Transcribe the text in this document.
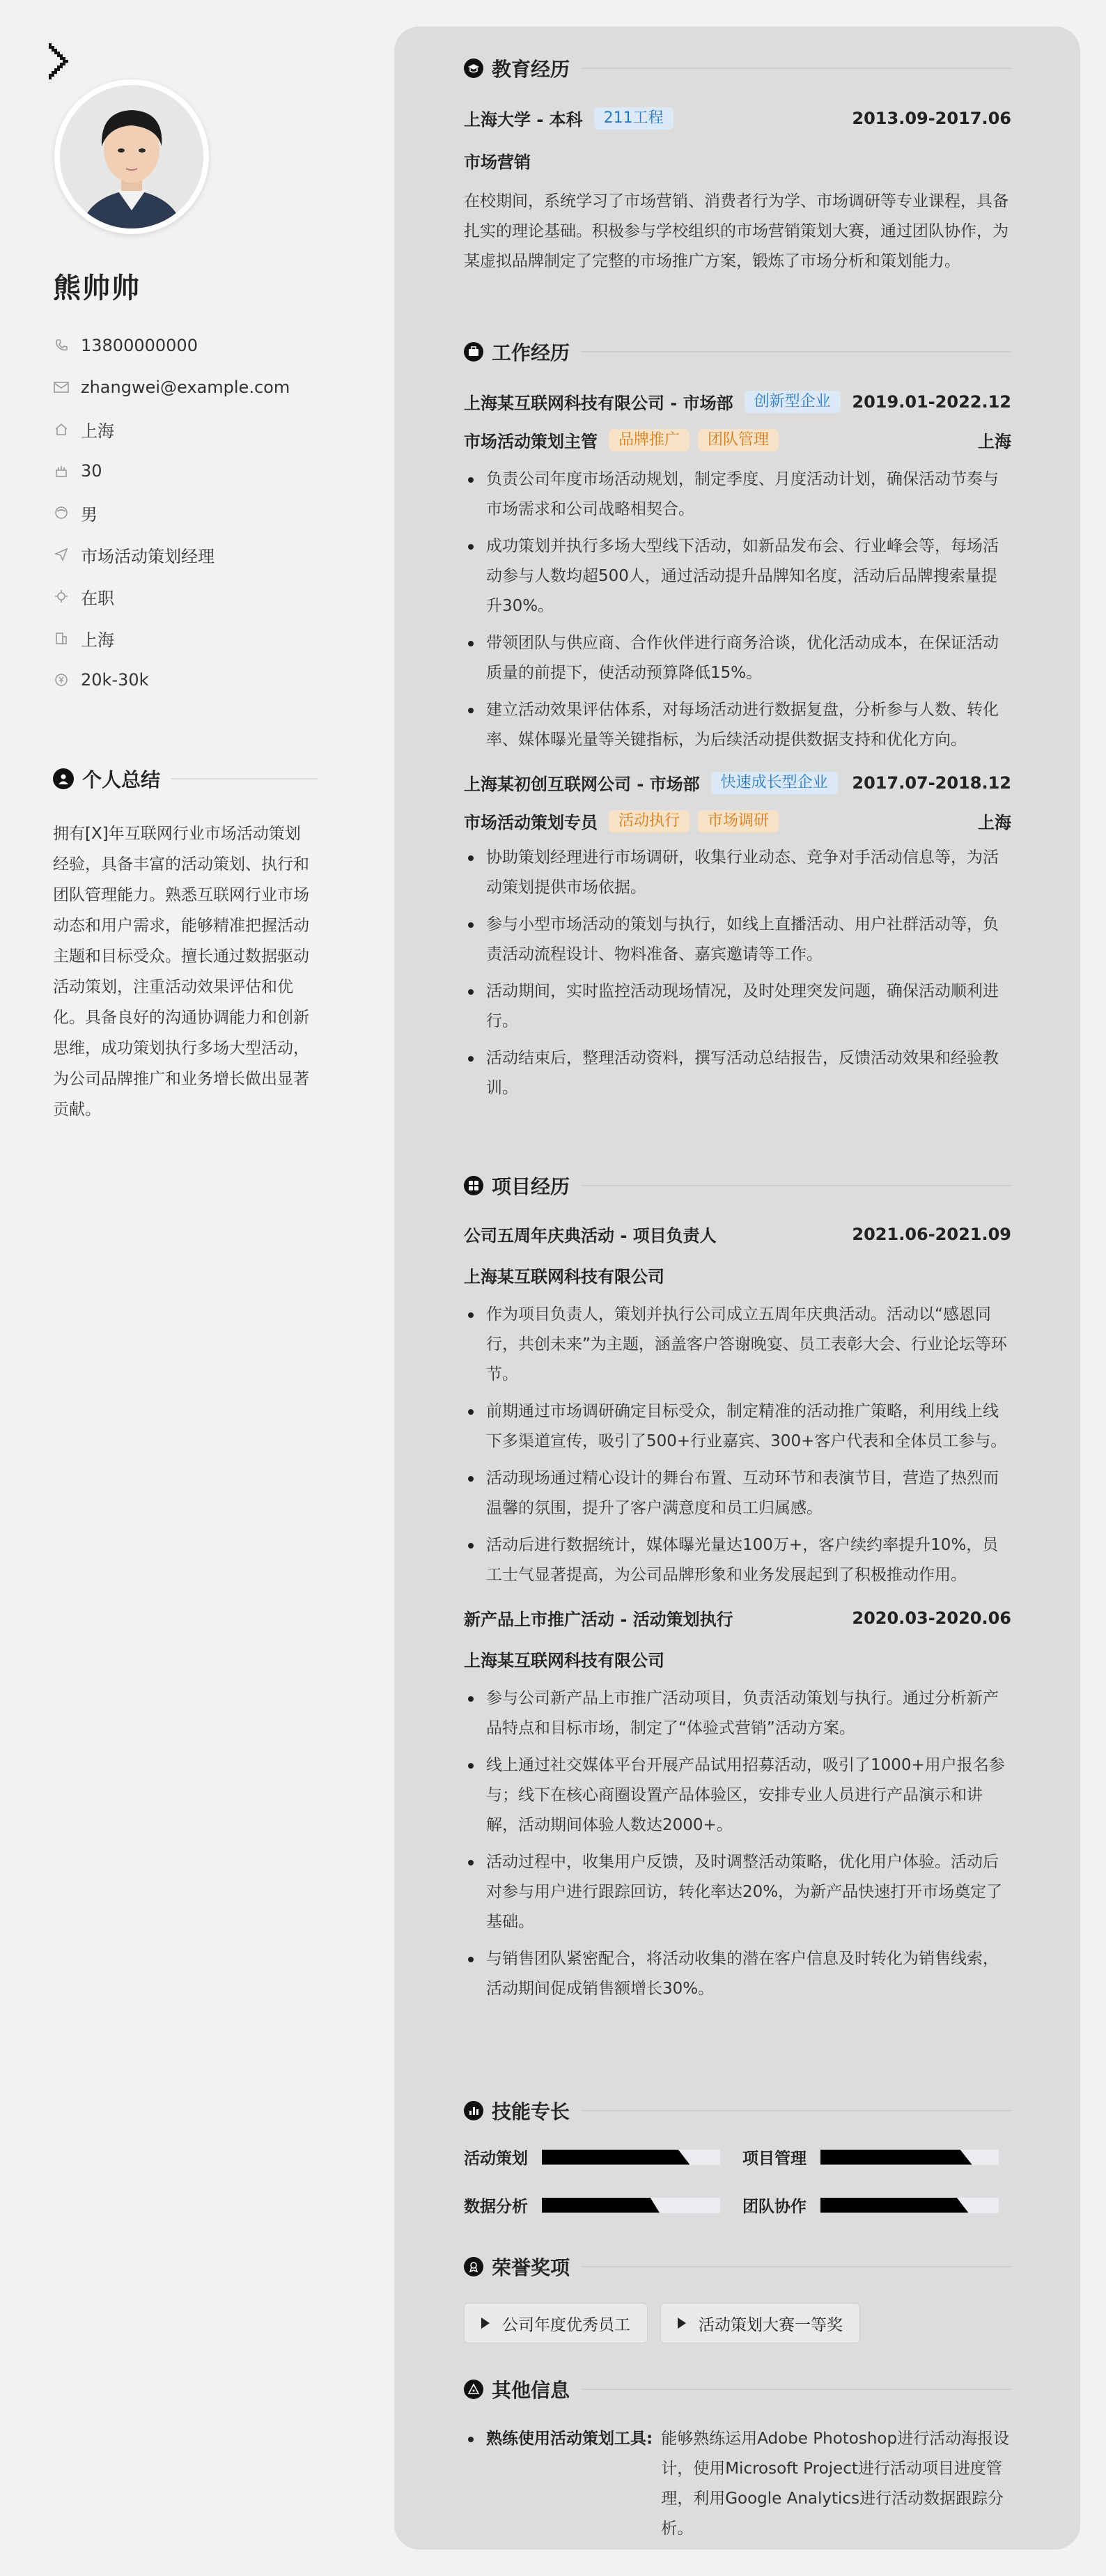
熊帅帅
13800000000
zhangwei@example.com
上海
30
男
市场活动策划经理
在职
上海
20k-30k
个人总结
拥有[X]年互联网行业市场活动策划经验，具备丰富的活动策划、执行和团队管理能力。熟悉互联网行业市场动态和用户需求，能够精准把握活动主题和目标受众。擅长通过数据驱动活动策划，注重活动效果评估和优化。具备良好的沟通协调能力和创新思维，成功策划执行多场大型活动，为公司品牌推广和业务增长做出显著贡献。
教育经历
上海大学 - 本科	211工程	2013.09-2017.06
市场营销
在校期间，系统学习了市场营销、消费者行为学、市场调研等专业课程，具备扎实的理论基础。积极参与学校组织的市场营销策划大赛，通过团队协作，为某虚拟品牌制定了完整的市场推广方案，锻炼了市场分析和策划能力。
工作经历
上海某互联网科技有限公司 - 市场部	创新型企业	2019.01-2022.12
市场活动策划主管	品牌推广	团队管理	上海
负责公司年度市场活动规划，制定季度、月度活动计划，确保活动节奏与市场需求和公司战略相契合。
成功策划并执行多场大型线下活动，如新品发布会、行业峰会等，每场活动参与人数均超500人，通过活动提升品牌知名度，活动后品牌搜索量提升30%。
带领团队与供应商、合作伙伴进行商务洽谈，优化活动成本，在保证活动质量的前提下，使活动预算降低15%。
建立活动效果评估体系，对每场活动进行数据复盘，分析参与人数、转化率、媒体曝光量等关键指标，为后续活动提供数据支持和优化方向。
上海某初创互联网公司 - 市场部	快速成长型企业	2017.07-2018.12
市场活动策划专员	活动执行	市场调研	上海
协助策划经理进行市场调研，收集行业动态、竞争对手活动信息等，为活动策划提供市场依据。
参与小型市场活动的策划与执行，如线上直播活动、用户社群活动等，负责活动流程设计、物料准备、嘉宾邀请等工作。
活动期间，实时监控活动现场情况，及时处理突发问题，确保活动顺利进行。
活动结束后，整理活动资料，撰写活动总结报告，反馈活动效果和经验教训。
项目经历
公司五周年庆典活动 - 项目负责人	2021.06-2021.09
上海某互联网科技有限公司
作为项目负责人，策划并执行公司成立五周年庆典活动。活动以“感恩同行，共创未来”为主题，涵盖客户答谢晚宴、员工表彰大会、行业论坛等环节。
前期通过市场调研确定目标受众，制定精准的活动推广策略，利用线上线下多渠道宣传，吸引了500+行业嘉宾、300+客户代表和全体员工参与。
活动现场通过精心设计的舞台布置、互动环节和表演节目，营造了热烈而温馨的氛围，提升了客户满意度和员工归属感。
活动后进行数据统计，媒体曝光量达100万+，客户续约率提升10%，员工士气显著提高，为公司品牌形象和业务发展起到了积极推动作用。
新产品上市推广活动 - 活动策划执行	2020.03-2020.06
上海某互联网科技有限公司
参与公司新产品上市推广活动项目，负责活动策划与执行。通过分析新产品特点和目标市场，制定了“体验式营销”活动方案。
线上通过社交媒体平台开展产品试用招募活动，吸引了1000+用户报名参与；线下在核心商圈设置产品体验区，安排专业人员进行产品演示和讲解，活动期间体验人数达2000+。
活动过程中，收集用户反馈，及时调整活动策略，优化用户体验。活动后对参与用户进行跟踪回访，转化率达20%，为新产品快速打开市场奠定了基础。
与销售团队紧密配合，将活动收集的潜在客户信息及时转化为销售线索，活动期间促成销售额增长30%。
技能专长
活动策划	项目管理
数据分析	团队协作
荣誉奖项
公司年度优秀员工	活动策划大赛一等奖
其他信息
熟练使用活动策划工具: 能够熟练运用Adobe Photoshop进行活动海报设计，使用Microsoft Project进行活动项目进度管理，利用Google Analytics进行活动数据跟踪分析。
